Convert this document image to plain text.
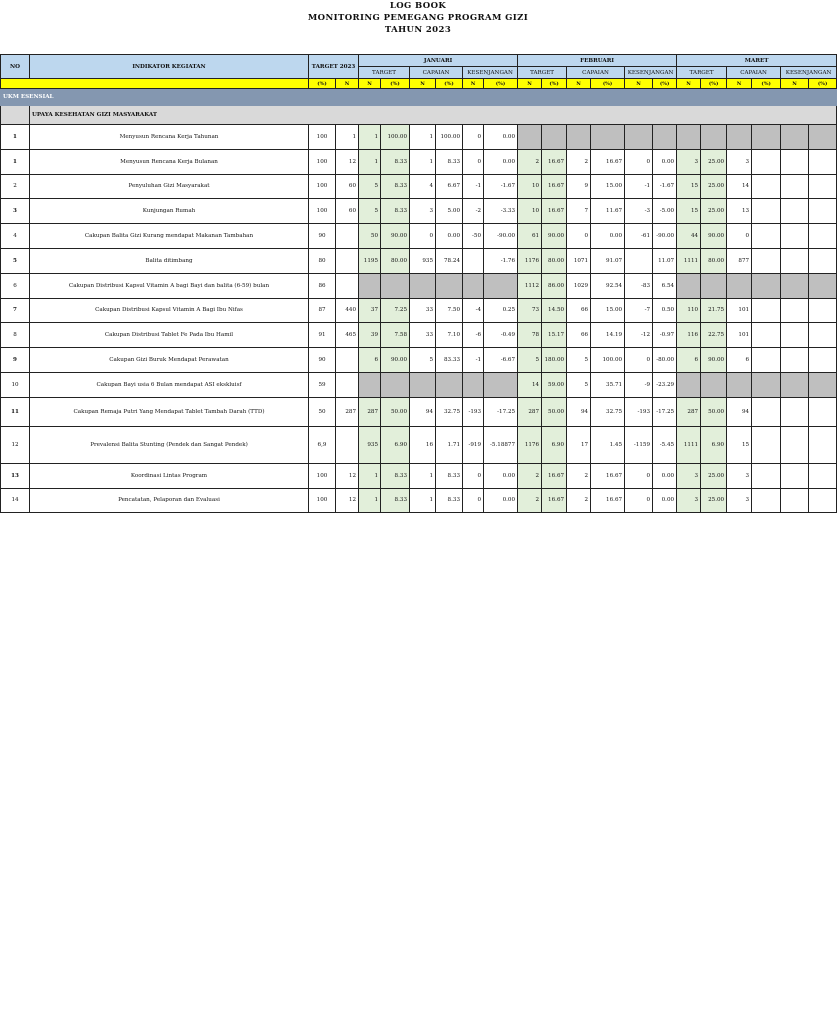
LOG BOOK
MONITORING PEMEGANG PROGRAM GIZI
TAHUN 2023
NO	INDIKATOR KEGIATAN	TARGET 2023		JANUARI						FEBRUARI						MARET					
				TARGET		CAPAIAN		KESENJANGAN		TARGET		CAPAIAN		KESENJANGAN		TARGET		CAPAIAN		KESENJANGAN	
		(%)	N	N	(%)	N	(%)	N	(%)	N	(%)	N	(%)	N	(%)	N	(%)	N	(%)	N	(%)
UKM ESENSIAL																					
	UPAYA KESEHATAN GIZI MASYARAKAT																				
1	Menyusun Rencana Kerja Tahunan	100	1	1	100.00	1	100.00	0	0.00												
1	Menyusun Rencana Kerja Bulanan	100	12	1	8.33	1	8.33	0	0.00	2	16.67	2	16.67	0	0.00	3	25.00	3			
2	Penyuluhan Gizi Masyarakat	100	60	5	8.33	4	6.67	-1	-1.67	10	16.67	9	15.00	-1	-1.67	15	25.00	14			
3	Kunjungan Rumah	100	60	5	8.33	3	5.00	-2	-3.33	10	16.67	7	11.67	-3	-5.00	15	25.00	13			
4	Cakupan Balita Gizi Kurang mendapat Makanan Tambahan	90		50	90.00	0	0.00	-50	-90.00	61	90.00	0	0.00	-61	-90.00	44	90.00	0			
5	Balita ditimbang	80		1195	80.00	935	78.24		-1.76	1176	80.00	1071	91.07		11.07	1111	80.00	877			
6	Cakupan Distribusi Kapsul Vitamin A bagi Bayi dan balita (6-59) bulan	86								1112	86.00	1029	92.54	-83	6.54						
7	Cakupan Distribusi Kapsul Vitamin A Bagi Ibu Nifas	87	440	37	7.25	33	7.50	-4	0.25	73	14.50	66	15.00	-7	0.50	110	21.75	101			
8	Cakupan Distribusi Tablet Fe Pada Ibu Hamil	91	465	39	7.58	33	7.10	-6	-0.49	78	15.17	66	14.19	-12	-0.97	116	22.75	101			
9	Cakupan Gizi Buruk Mendapat Perawatan	90		6	90.00	5	83.33	-1	-6.67	5	180.00	5	100.00	0	-80.00	6	90.00	6			
10	Cakupan Bayi usia 6 Bulan mendapat ASI ekskluisf	59								14	59.00	5	35.71	-9	-23.29						
11	Cakupan Remaja Putri Yang Mendapat Tablet Tambah Darah (TTD)	50	287	287	50.00	94	32.75	-193	-17.25	287	50.00	94	32.75	-193	-17.25	287	50.00	94			
12	Prevalensi Balita Stunting (Pendek dan Sangat Pendek)	6,9		935	6.90	16	1.71	-919	-5.18877	1176	6.90	17	1.45	-1159	-5.45	1111	6.90	15			
13	Koordinasi Lintas Program	100	12	1	8.33	1	8.33	0	0.00	2	16.67	2	16.67	0	0.00	3	25.00	3			
14	Pencatatan, Pelaporan dan Evaluasi	100	12	1	8.33	1	8.33	0	0.00	2	16.67	2	16.67	0	0.00	3	25.00	3			
